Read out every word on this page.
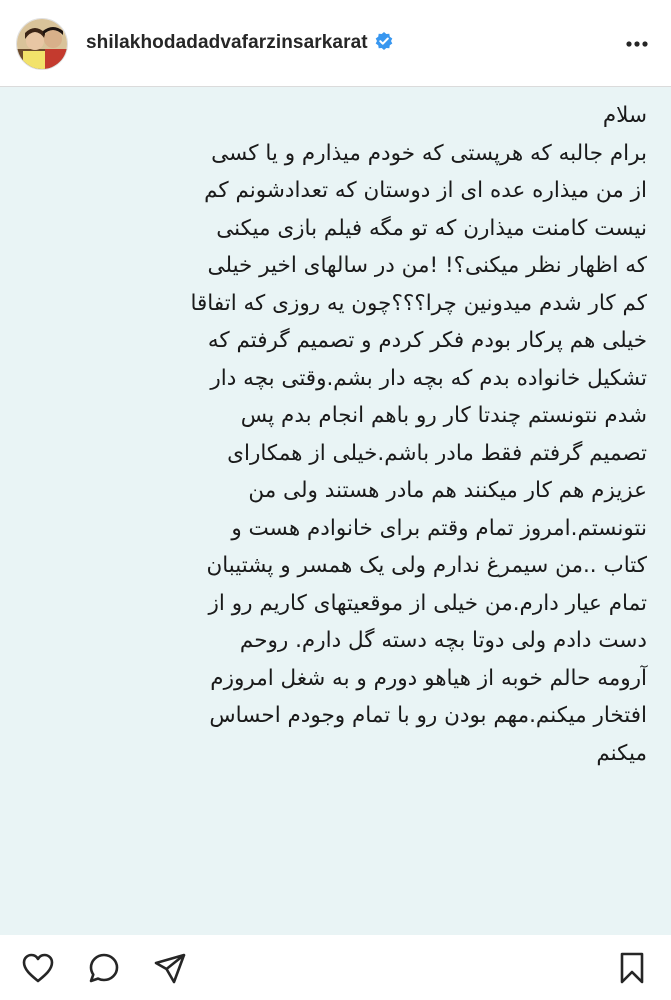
shilakhodadadvafarzinsarkarat
سلام
برام جالبه که هرپستی که خودم میذارم و یا کسی
از من میذاره عده ای از دوستان که تعدادشونم کم
نیست کامنت میذارن که تو مگه فیلم بازی میکنی
که اظهار نظر میکنی؟! !من در سالهای اخیر خیلی
کم کار شدم میدونین چرا؟؟؟چون یه روزی که اتفاقا
خیلی هم پرکار بودم فکر کردم و تصمیم گرفتم که
تشکیل خانواده بدم که بچه دار بشم.وقتی بچه دار
شدم نتونستم چندتا کار رو باهم انجام بدم پس
تصمیم گرفتم فقط مادر باشم.خیلی از همکارای
عزیزم هم کار میکنند هم مادر هستند ولی من
نتونستم.امروز تمام وقتم برای خانوادم هست و
کتاب ..من سیمرغ ندارم ولی یک همسر و پشتیبان
تمام عیار دارم.من خیلی از موقعیتهای کاریم رو از
دست دادم ولی دوتا بچه دسته گل دارم. روحم
آرومه حالم خوبه از هیاهو دورم و به شغل امروزم
افتخار میکنم.مهم بودن رو با تمام وجودم احساس
میکنم
